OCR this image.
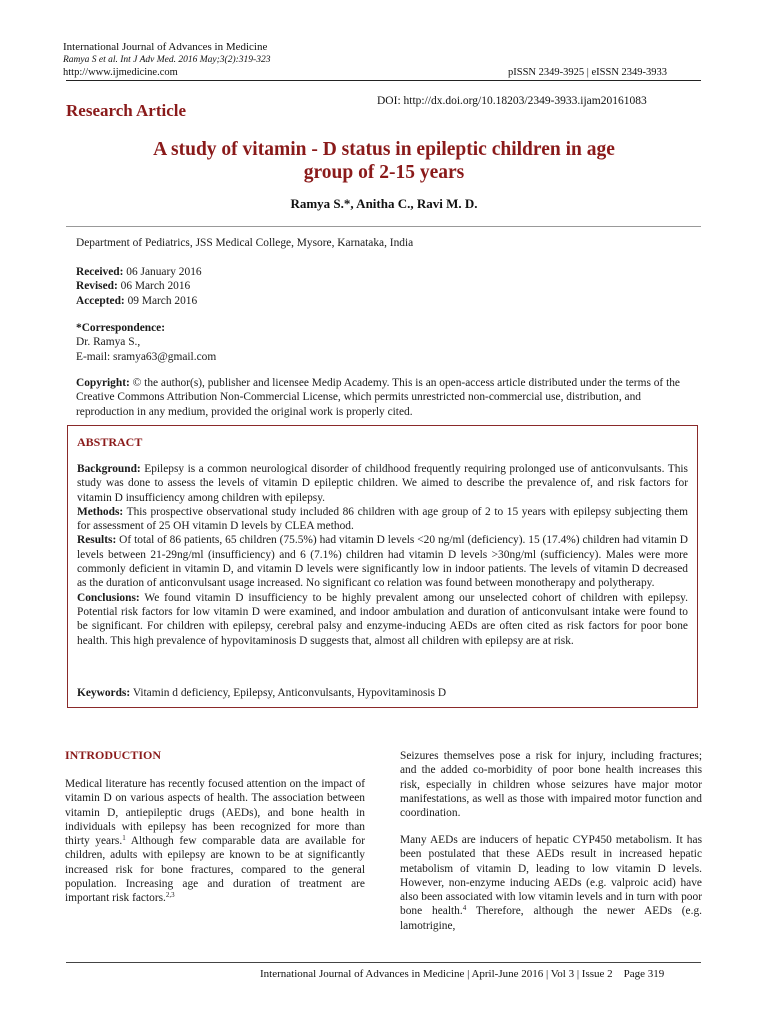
International Journal of Advances in Medicine
Ramya S et al. Int J Adv Med. 2016 May;3(2):319-323
http://www.ijmedicine.com	pISSN 2349-3925 | eISSN 2349-3933
DOI: http://dx.doi.org/10.18203/2349-3933.ijam20161083
Research Article
A study of vitamin - D status in epileptic children in age
group of 2-15 years
Ramya S.*, Anitha C., Ravi M. D.
Department of Pediatrics, JSS Medical College, Mysore, Karnataka, India
Received: 06 January 2016
Revised: 06 March 2016
Accepted: 09 March 2016
*Correspondence:
Dr. Ramya S.,
E-mail: sramya63@gmail.com
Copyright: © the author(s), publisher and licensee Medip Academy. This is an open-access article distributed under the terms of the Creative Commons Attribution Non-Commercial License, which permits unrestricted non-commercial use, distribution, and reproduction in any medium, provided the original work is properly cited.
ABSTRACT
Background: Epilepsy is a common neurological disorder of childhood frequently requiring prolonged use of anticonvulsants. This study was done to assess the levels of vitamin D epileptic children. We aimed to describe the prevalence of, and risk factors for vitamin D insufficiency among children with epilepsy.
Methods: This prospective observational study included 86 children with age group of 2 to 15 years with epilepsy subjecting them for assessment of 25 OH vitamin D levels by CLEA method.
Results: Of total of 86 patients, 65 children (75.5%) had vitamin D levels <20 ng/ml (deficiency). 15 (17.4%) children had vitamin D levels between 21-29ng/ml (insufficiency) and 6 (7.1%) children had vitamin D levels >30ng/ml (sufficiency). Males were more commonly deficient in vitamin D, and vitamin D levels were significantly low in indoor patients. The levels of vitamin D decreased as the duration of anticonvulsant usage increased. No significant co relation was found between monotherapy and polytherapy.
Conclusions: We found vitamin D insufficiency to be highly prevalent among our unselected cohort of children with epilepsy. Potential risk factors for low vitamin D were examined, and indoor ambulation and duration of anticonvulsant intake were found to be significant. For children with epilepsy, cerebral palsy and enzyme-inducing AEDs are often cited as risk factors for poor bone health. This high prevalence of hypovitaminosis D suggests that, almost all children with epilepsy are at risk.
Keywords: Vitamin d deficiency, Epilepsy, Anticonvulsants, Hypovitaminosis D
INTRODUCTION
Medical literature has recently focused attention on the impact of vitamin D on various aspects of health. The association between vitamin D, antiepileptic drugs (AEDs), and bone health in individuals with epilepsy has been recognized for more than thirty years.$^1$ Although few comparable data are available for children, adults with epilepsy are known to be at significantly increased risk for bone fractures, compared to the general population. Increasing age and duration of treatment are important risk factors.$^{2,3}$
Seizures themselves pose a risk for injury, including fractures; and the added co-morbidity of poor bone health increases this risk, especially in children whose seizures have major motor manifestations, as well as those with impaired motor function and coordination.
Many AEDs are inducers of hepatic CYP450 metabolism. It has been postulated that these AEDs result in increased hepatic metabolism of vitamin D, leading to low vitamin D levels. However, non-enzyme inducing AEDs (e.g. valproic acid) have also been associated with low vitamin levels and in turn with poor bone health.$^4$ Therefore, although the newer AEDs (e.g. lamotrigine,
International Journal of Advances in Medicine | April-June 2016 | Vol 3 | Issue 2    Page 319
